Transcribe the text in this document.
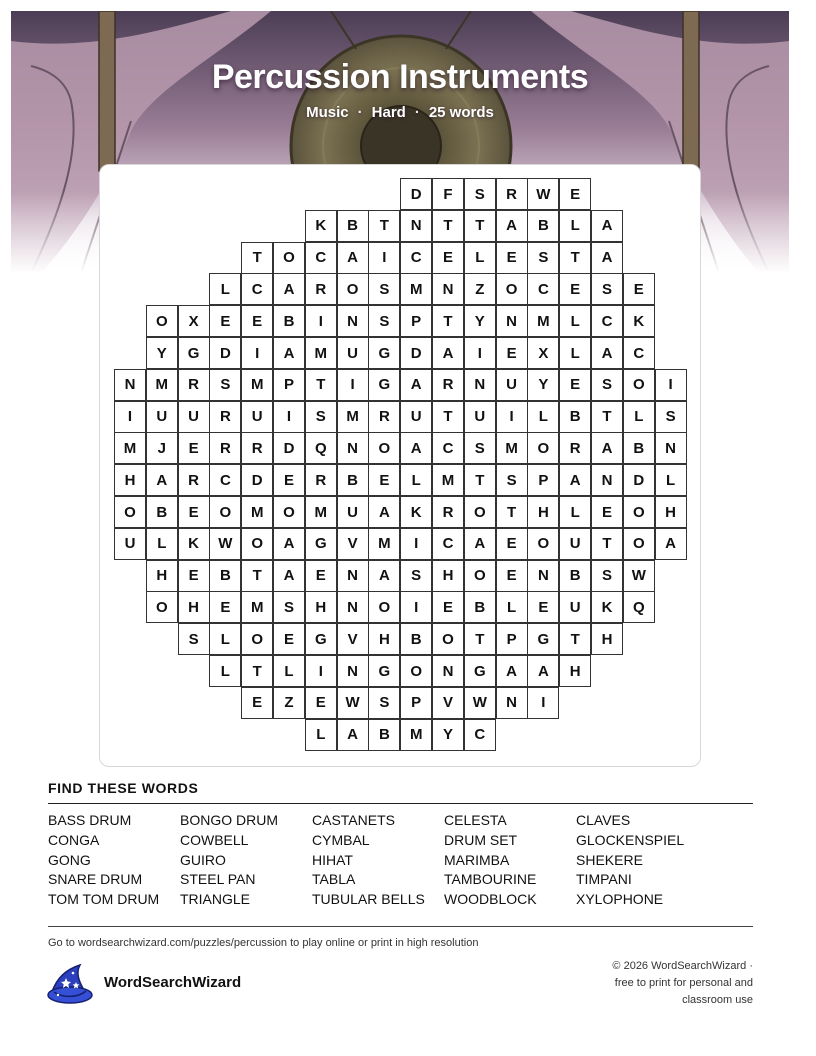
Percussion Instruments
Music · Hard · 25 words
D	F	S	R	W	E
K	B	T	N	T	T	A	B	L	A
T	O	C	A	I	C	E	L	E	S	T	A
L	C	A	R	O	S	M	N	Z	O	C	E	S	E
O	X	E	E	B	I	N	S	P	T	Y	N	M	L	C	K
Y	G	D	I	A	M	U	G	D	A	I	E	X	L	A	C
N	M	R	S	M	P	T	I	G	A	R	N	U	Y	E	S	O	I
I	U	U	R	U	I	S	M	R	U	T	U	I	L	B	T	L	S
M	J	E	R	R	D	Q	N	O	A	C	S	M	O	R	A	B	N
H	A	R	C	D	E	R	B	E	L	M	T	S	P	A	N	D	L
O	B	E	O	M	O	M	U	A	K	R	O	T	H	L	E	O	H
U	L	K	W	O	A	G	V	M	I	C	A	E	O	U	T	O	A
H	E	B	T	A	E	N	A	S	H	O	E	N	B	S	W
O	H	E	M	S	H	N	O	I	E	B	L	E	U	K	Q
S	L	O	E	G	V	H	B	O	T	P	G	T	H
L	T	L	I	N	G	O	N	G	A	A	H
E	Z	E	W	S	P	V	W	N	I
L	A	B	M	Y	C
FIND THESE WORDS
BASS DRUM	BONGO DRUM	CASTANETS	CELESTA	CLAVES
CONGA	COWBELL	CYMBAL	DRUM SET	GLOCKENSPIEL
GONG	GUIRO	HIHAT	MARIMBA	SHEKERE
SNARE DRUM	STEEL PAN	TABLA	TAMBOURINE	TIMPANI
TOM TOM DRUM	TRIANGLE	TUBULAR BELLS	WOODBLOCK	XYLOPHONE
Go to wordsearchwizard.com/puzzles/percussion to play online or print in high resolution
WordSearchWizard
© 2026 WordSearchWizard ·
free to print for personal and
classroom use
